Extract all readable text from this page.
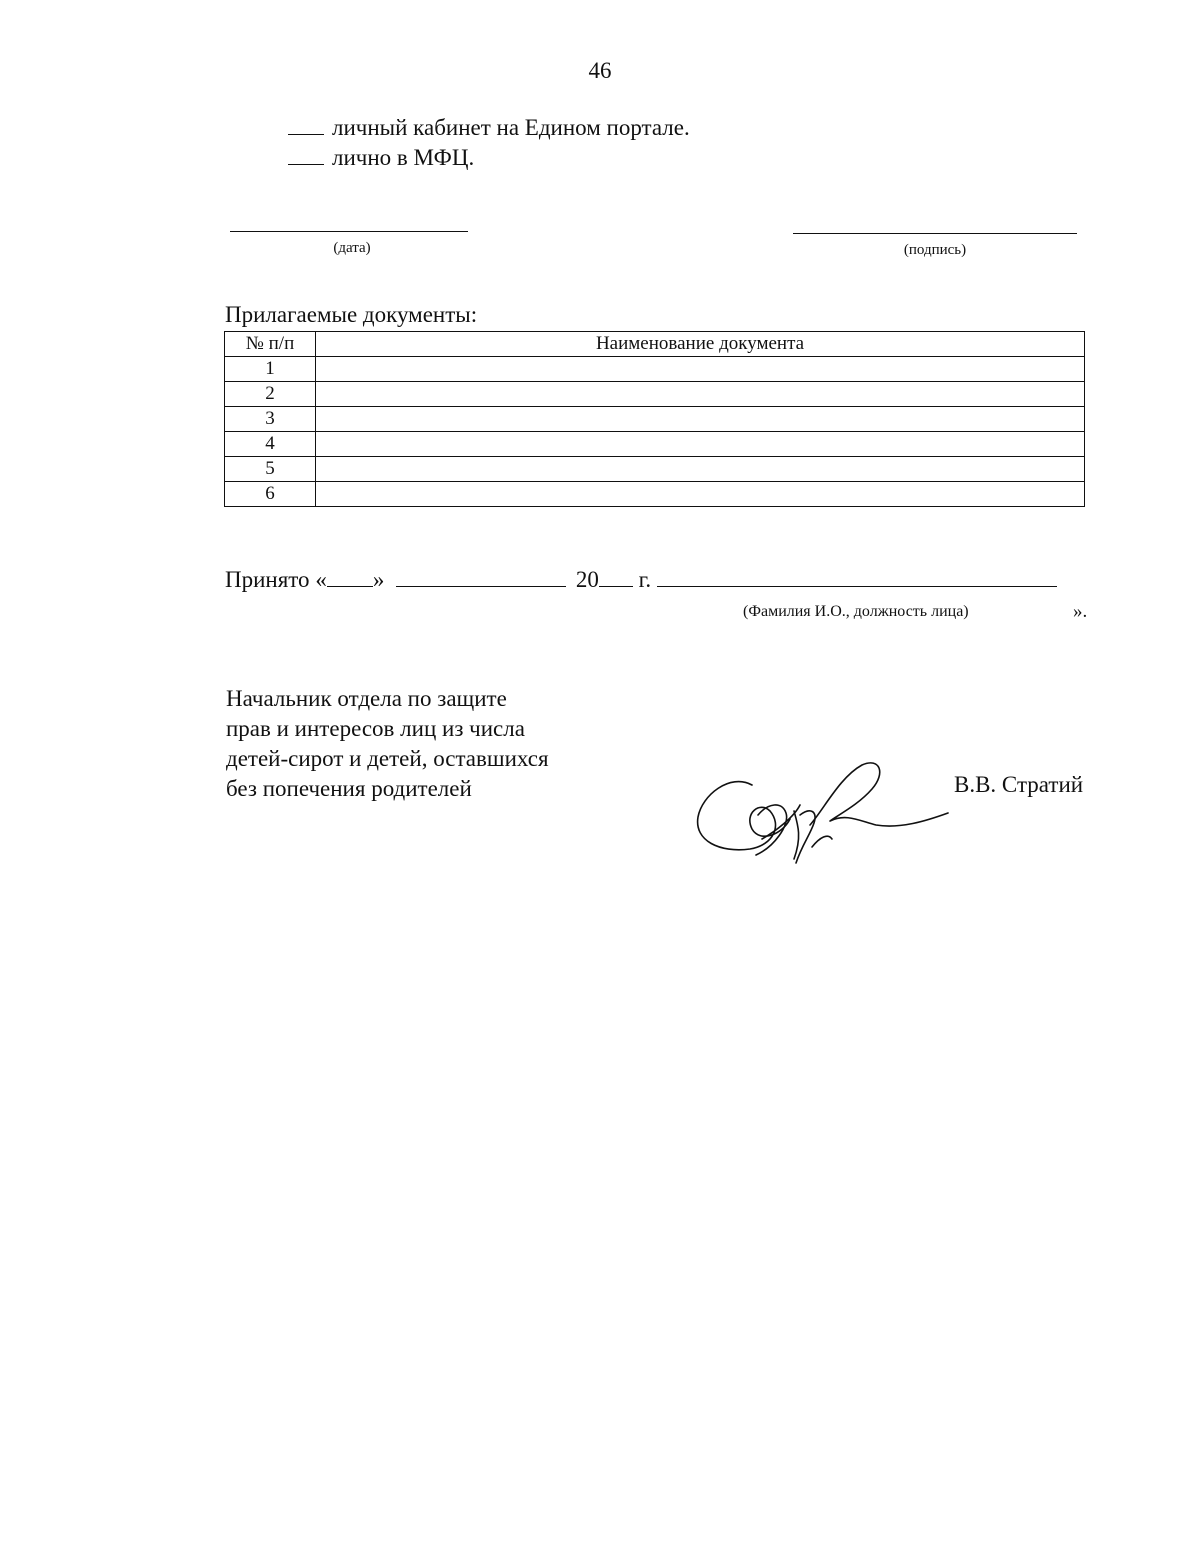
46
личный кабинет на Едином портале.
лично в МФЦ.
(дата)	(подпись)
Прилагаемые документы:
№ п/п	Наименование документа
1	
2	
3	
4	
5	
6	
Принято « »	20 г.
(Фамилия И.О., должность лица)	».
Начальник отдела по защите
прав и интересов лиц из числа
детей-сирот и детей, оставшихся
без попечения родителей	В.В. Стратий
